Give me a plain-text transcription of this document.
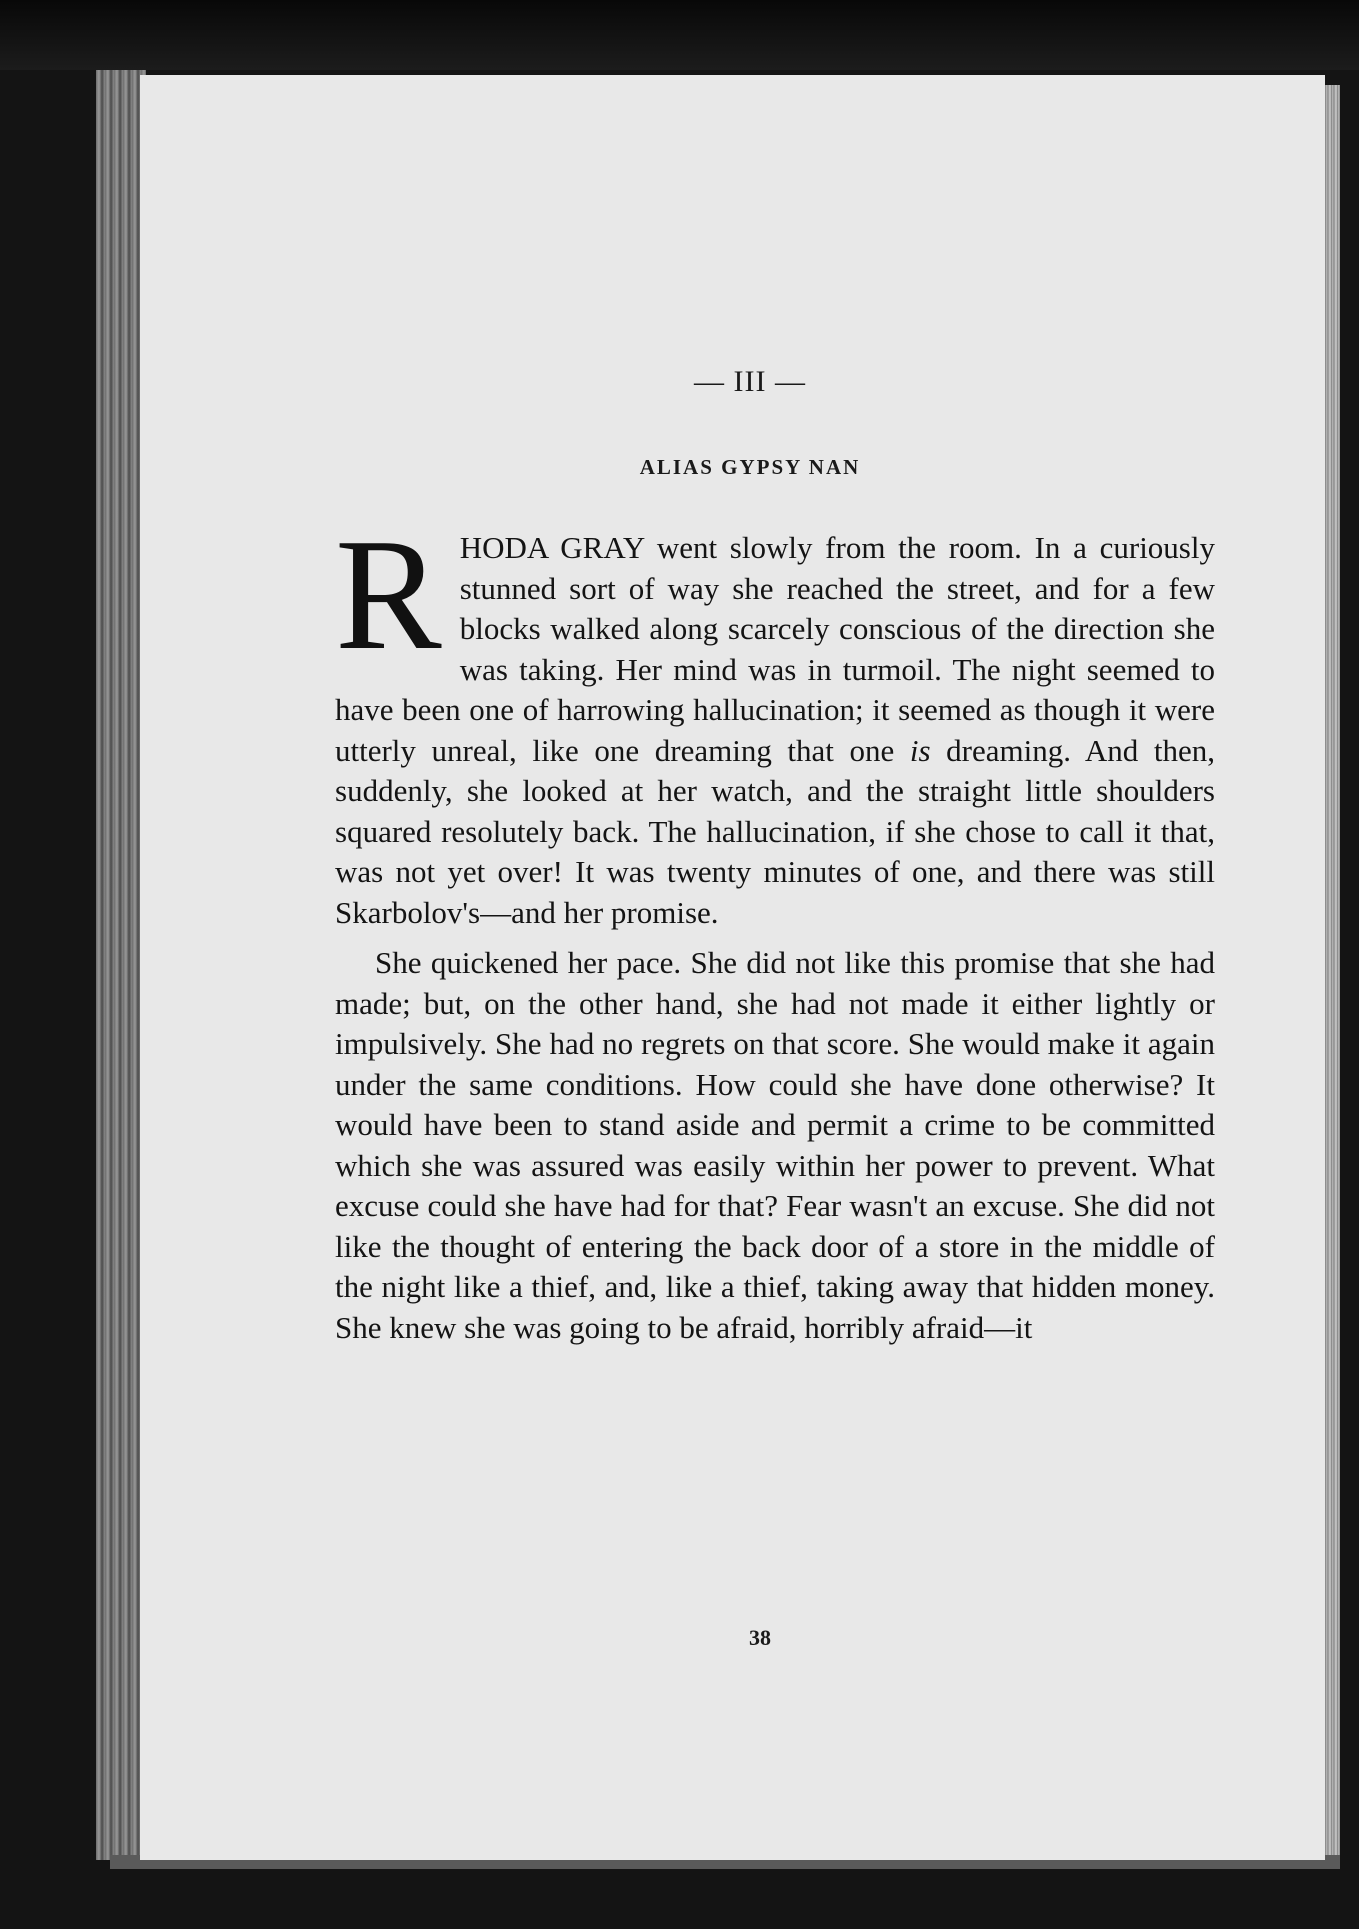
— III —
ALIAS GYPSY NAN

RHODA GRAY went slowly from the room. In a curiously stunned sort of way she reached the street, and for a few blocks walked along scarcely conscious of the direction she was taking. Her mind was in turmoil. The night seemed to have been one of harrowing hallucination; it seemed as though it were utterly unreal, like one dreaming that one is dreaming. And then, suddenly, she looked at her watch, and the straight little shoulders squared resolutely back. The hallucination, if she chose to call it that, was not yet over! It was twenty minutes of one, and there was still Skarbolov's—and her promise.

She quickened her pace. She did not like this promise that she had made; but, on the other hand, she had not made it either lightly or impulsively. She had no regrets on that score. She would make it again under the same conditions. How could she have done otherwise? It would have been to stand aside and permit a crime to be committed which she was assured was easily within her power to prevent. What excuse could she have had for that? Fear wasn't an excuse. She did not like the thought of entering the back door of a store in the middle of the night like a thief, and, like a thief, taking away that hidden money. She knew she was going to be afraid, horribly afraid—it

38
